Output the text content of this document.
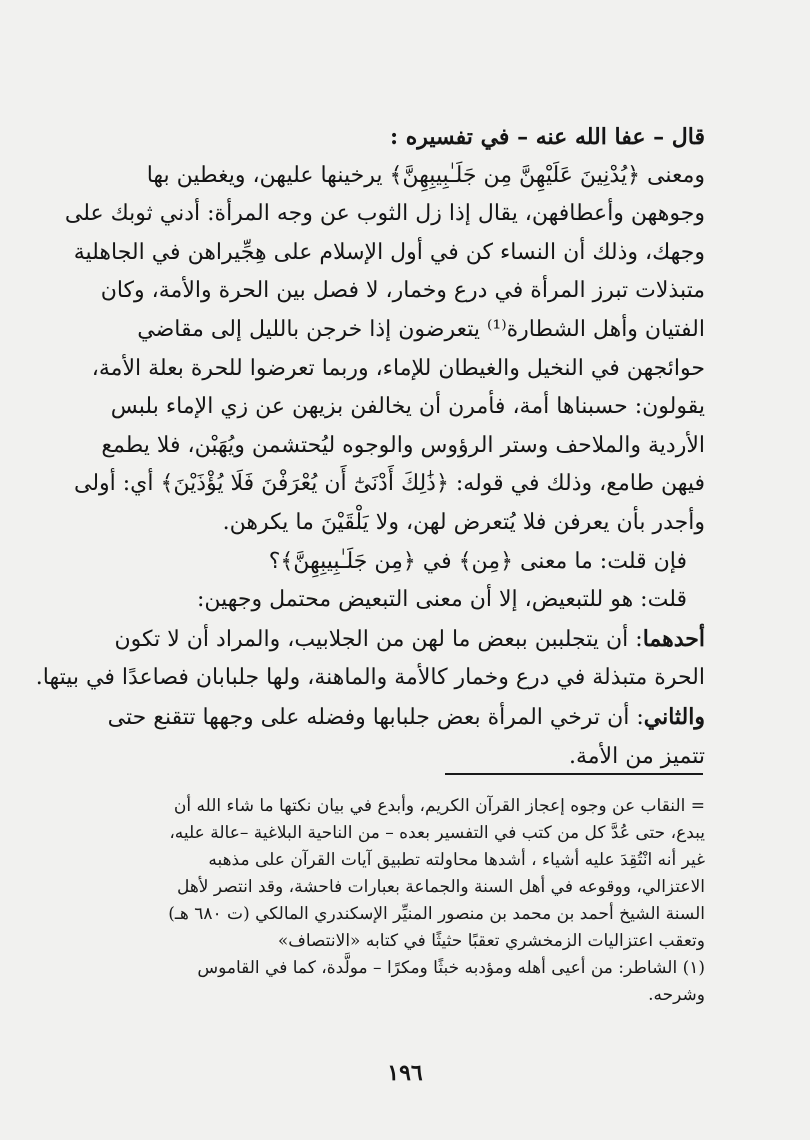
قال – عفا الله عنه – في تفسيره :

ومعنى ﴿يُدْنِينَ عَلَيْهِنَّ مِن جَلَـٰبِيبِهِنَّ﴾ يرخينها عليهن، ويغطين بها

وجوههن وأعطافهن، يقال إذا زل الثوب عن وجه المرأة: أدني ثوبك على

وجهك، وذلك أن النساء كن في أول الإسلام على هِجِّيراهن في الجاهلية

متبذلات تبرز المرأة في درع وخمار، لا فصل بين الحرة والأمة، وكان

الفتيان وأهل الشطارة⁽¹⁾ يتعرضون إذا خرجن بالليل إلى مقاضي

حوائجهن في النخيل والغيطان للإماء، وربما تعرضوا للحرة بعلة الأمة،

يقولون: حسبناها أمة، فأمرن أن يخالفن بزيهن عن زي الإماء بلبس

الأردية والملاحف وستر الرؤوس والوجوه ليُحتشمن ويُهَبْن، فلا يطمع

فيهن طامع، وذلك في قوله: ﴿ذَٰلِكَ أَدْنَىٰٓ أَن يُعْرَفْنَ فَلَا يُؤْذَيْنَ﴾ أي: أولى

وأجدر بأن يعرفن فلا يُتعرض لهن، ولا يَلْقَيْنَ ما يكرهن.

فإن قلت: ما معنى ﴿مِن﴾ في ﴿مِن جَلَـٰبِيبِهِنَّ﴾؟

قلت: هو للتبعيض، إلا أن معنى التبعيض محتمل وجهين:

أحدهما: أن يتجلببن ببعض ما لهن من الجلابيب، والمراد أن لا تكون

الحرة متبذلة في درع وخمار كالأمة والماهنة، ولها جلبابان فصاعدًا في بيتها.

والثاني: أن ترخي المرأة بعض جلبابها وفضله على وجهها تتقنع حتى

تتميز من الأمة.

= النقاب عن وجوه إعجاز القرآن الكريم، وأبدع في بيان نكتها ما شاء الله أن

يبدع، حتى عُدَّ كل من كتب في التفسير بعده – من الناحية البلاغية –عالة عليه،

غير أنه انْتُقِدَ عليه أشياء ، أشدها محاولته تطبيق آيات القرآن على مذهبه

الاعتزالي، ووقوعه في أهل السنة والجماعة بعبارات فاحشة، وقد انتصر لأهل

السنة الشيخ أحمد بن محمد بن منصور المنيِّر الإسكندري المالكي (ت ٦٨٠ هـ)

وتعقب اعتزاليات الزمخشري تعقبًا حثيثًا في كتابه «الانتصاف»

(١) الشاطر: من أعيى أهله ومؤدبه خبثًا ومكرًا – مولَّدة، كما في القاموس

وشرحه.

١٩٦
